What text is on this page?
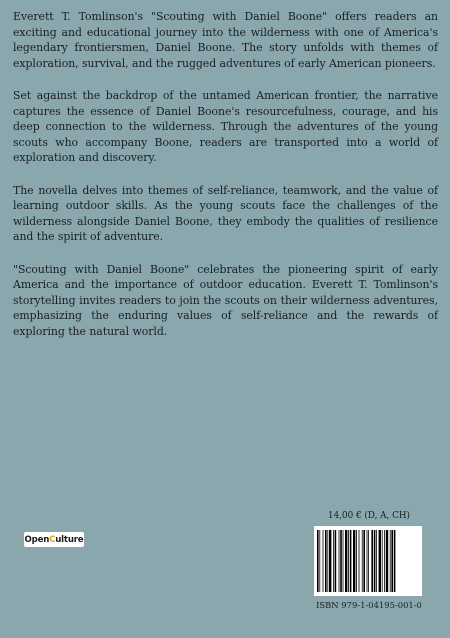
Everett T. Tomlinson's "Scouting with Daniel Boone" offers readers an exciting and educational journey into the wilderness with one of America's legendary frontiersmen, Daniel Boone. The story unfolds with themes of exploration, survival, and the rugged adventures of early American pioneers.

Set against the backdrop of the untamed American frontier, the narrative captures the essence of Daniel Boone's resourcefulness, courage, and his deep connection to the wilderness. Through the adventures of the young scouts who accompany Boone, readers are transported into a world of exploration and discovery.

The novella delves into themes of self-reliance, teamwork, and the value of learning outdoor skills. As the young scouts face the challenges of the wilderness alongside Daniel Boone, they embody the qualities of resilience and the spirit of adventure.

"Scouting with Daniel Boone" celebrates the pioneering spirit of early America and the importance of outdoor education. Everett T. Tomlinson's storytelling invites readers to join the scouts on their wilderness adventures, emphasizing the enduring values of self-reliance and the rewards of exploring the natural world.

Open C ulture
14,00 € (D, A, CH)
ISBN 979-1-04195-001-0
